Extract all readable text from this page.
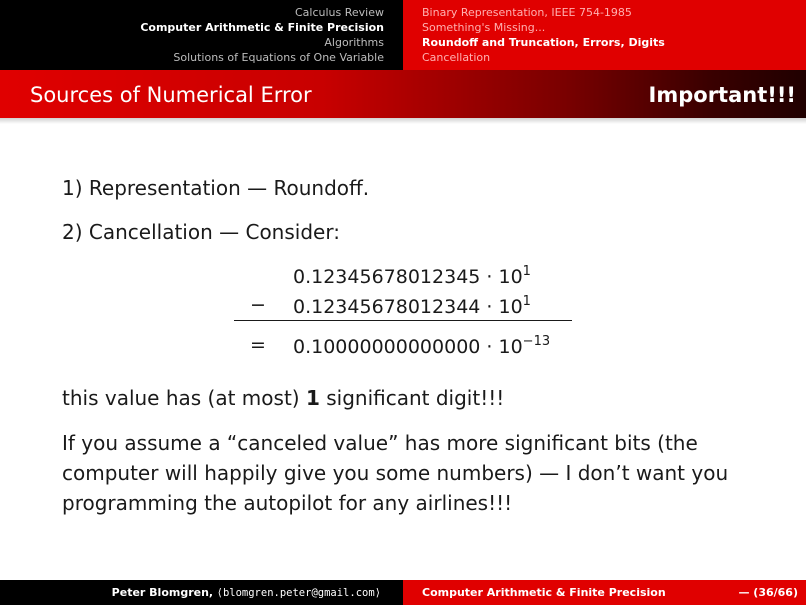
Calculus Review
Computer Arithmetic & Finite Precision
Algorithms
Solutions of Equations of One Variable
Binary Representation, IEEE 754-1985
Something's Missing...
Roundoff and Truncation, Errors, Digits
Cancellation
Sources of Numerical Error	Important!!!
1) Representation — Roundoff.
2) Cancellation — Consider:
$0.12345678012345 \cdot 10^1$
− $0.12345678012344 \cdot 10^1$
= $0.10000000000000 \cdot 10^{-13}$
this value has (at most) 1 significant digit!!!
If you assume a “canceled value” has more significant bits (the
computer will happily give you some numbers) — I don’t want you
programming the autopilot for any airlines!!!
Peter Blomgren,
⟨blomgren.peter@gmail.com⟩	Computer Arithmetic & Finite Precision	— (36/66)
